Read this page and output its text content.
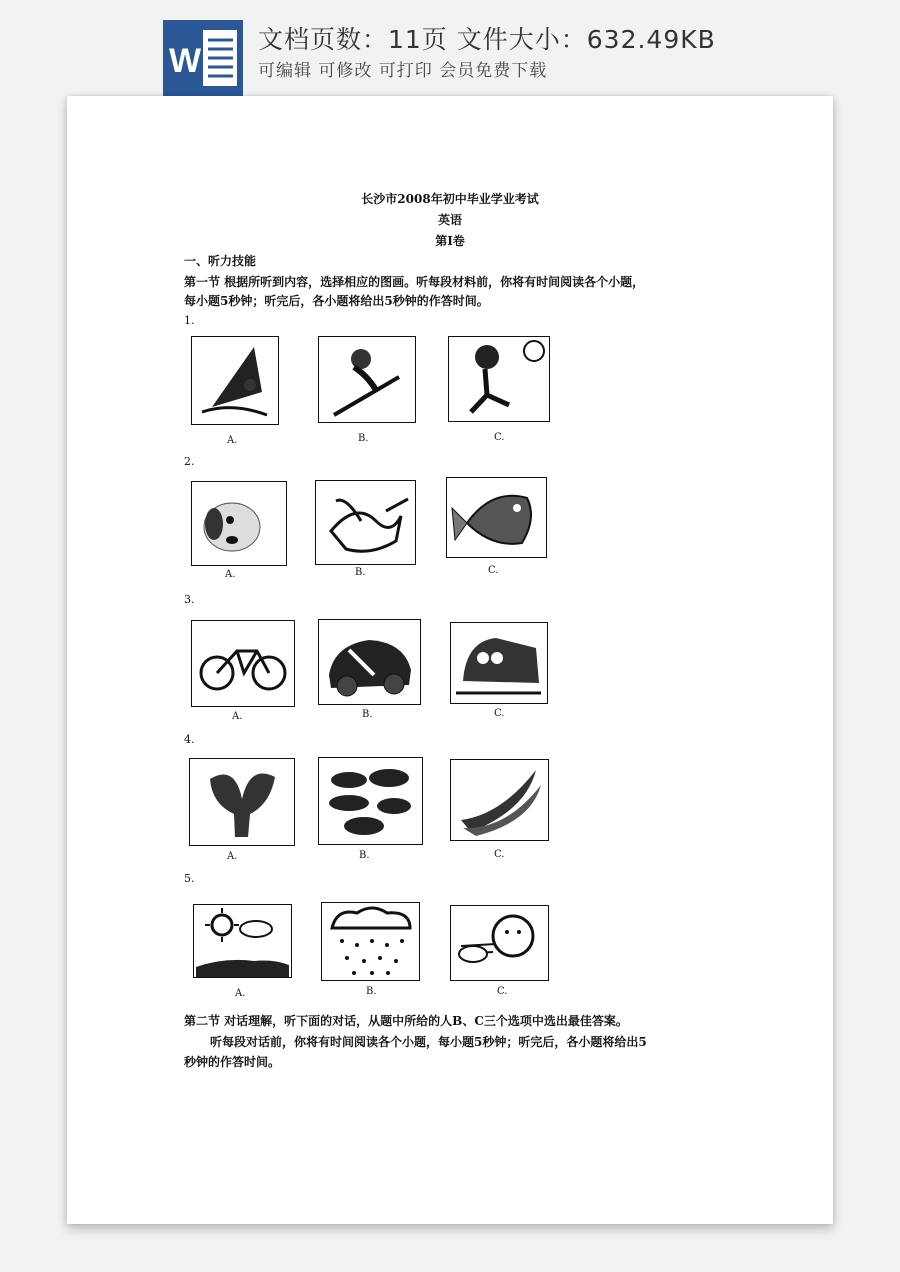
W
文档页数：11页 文件大小：632.49KB
可编辑 可修改 可打印 会员免费下载
长沙市2008年初中毕业学业考试
英语
第Ⅰ卷
一、听力技能
第一节 根据所听到内容，选择相应的图画。听每段材料前，你将有时间阅读各个小题，
每小题5秒钟；听完后，各小题将给出5秒钟的作答时间。
1.
A.	B.	C.
2.
A.	B.	C.
3.
A.	B.	C.
4.
A.	B.	C.
5.
A.	B.	C.
第二节 对话理解，听下面的对话，从题中所给的人B、C三个选项中选出最佳答案。
听每段对话前，你将有时间阅读各个小题，每小题5秒钟；听完后，各小题将给出5
秒钟的作答时间。
